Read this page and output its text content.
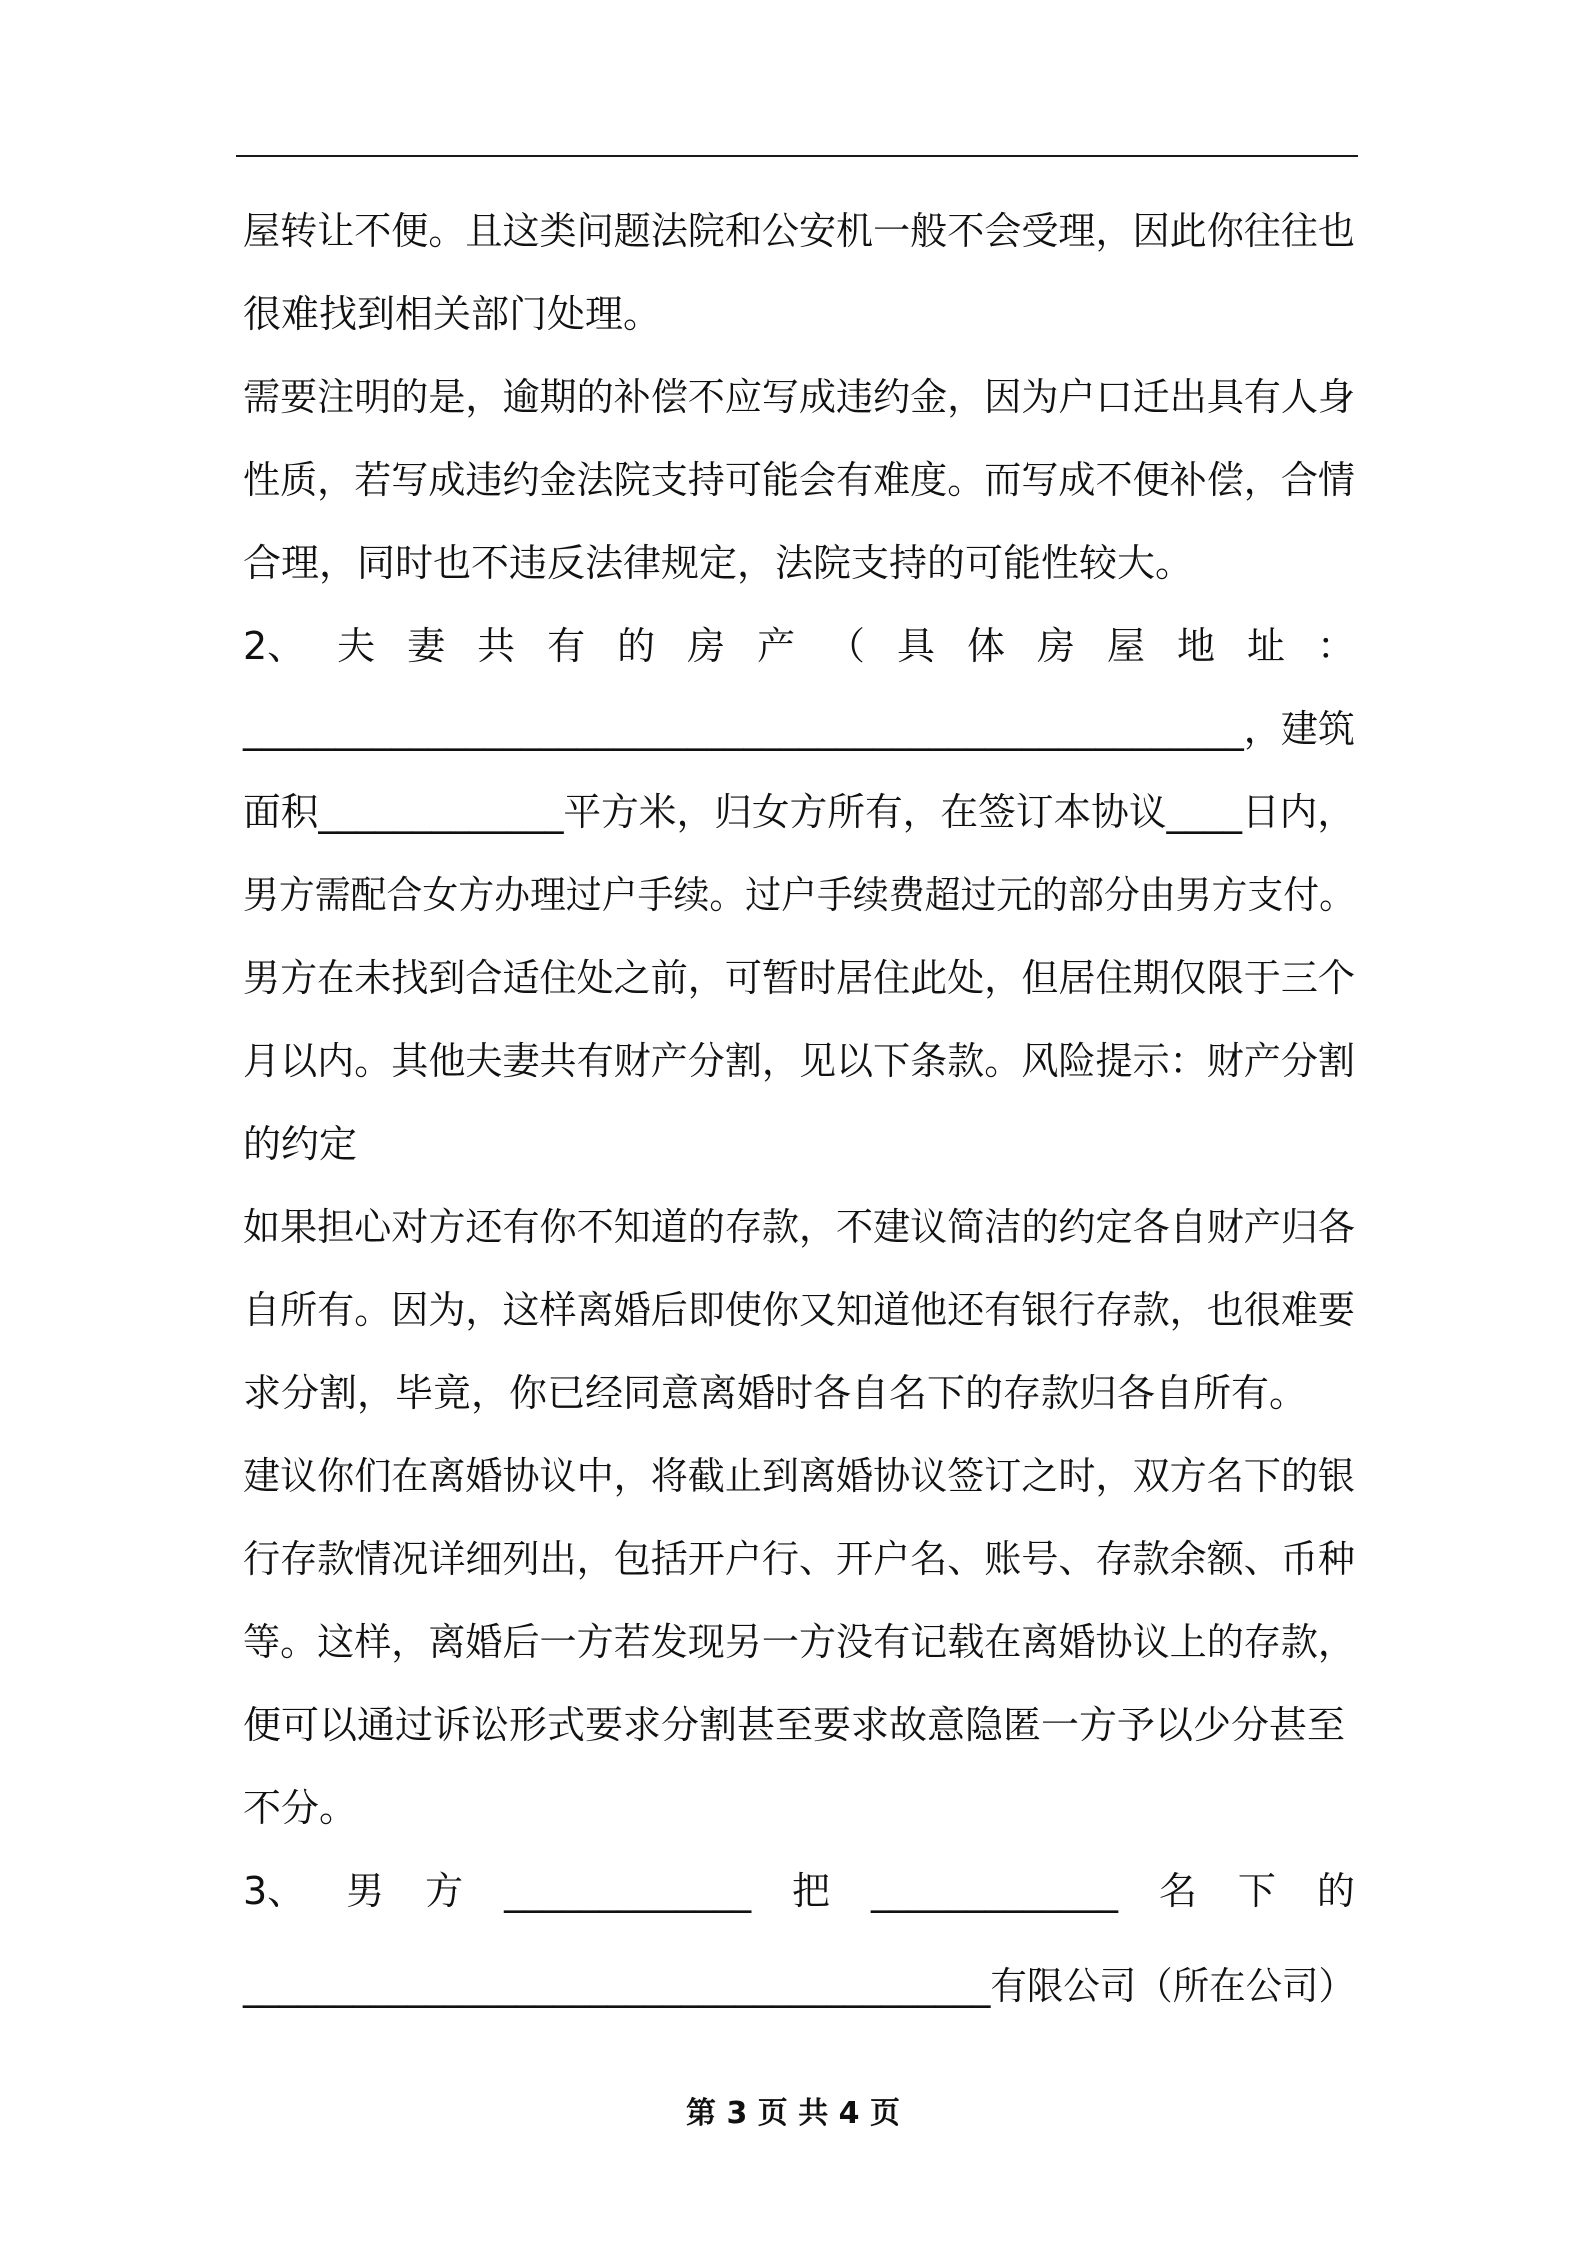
屋转让不便。且这类问题法院和公安机一般不会受理，因此你往往也
很难找到相关部门处理。
需要注明的是，逾期的补偿不应写成违约金，因为户口迁出具有人身
性质，若写成违约金法院支持可能会有难度。而写成不便补偿，合情
合理，同时也不违反法律规定，法院支持的可能性较大。
2、 夫 妻 共 有 的 房 产 （ 具 体 房 屋 地 址 ：
______________________________________________________，建筑
面积_____________平方米，归女方所有，在签订本协议____日内，
男方需配合女方办理过户手续。过户手续费超过元的部分由男方支付。
男方在未找到合适住处之前，可暂时居住此处，但居住期仅限于三个
月以内。其他夫妻共有财产分割，见以下条款。风险提示：财产分割
的约定
如果担心对方还有你不知道的存款，不建议简洁的约定各自财产归各
自所有。因为，这样离婚后即使你又知道他还有银行存款，也很难要
求分割，毕竟，你已经同意离婚时各自名下的存款归各自所有。
建议你们在离婚协议中，将截止到离婚协议签订之时，双方名下的银
行存款情况详细列出，包括开户行、开户名、账号、存款余额、币种
等。这样，离婚后一方若发现另一方没有记载在离婚协议上的存款，
便可以通过诉讼形式要求分割甚至要求故意隐匿一方予以少分甚至
不分。
3、 男 方 _____________ 把 _____________ 名 下 的
_________________________________________有限公司（所在公司）
第 3 页 共 4 页
